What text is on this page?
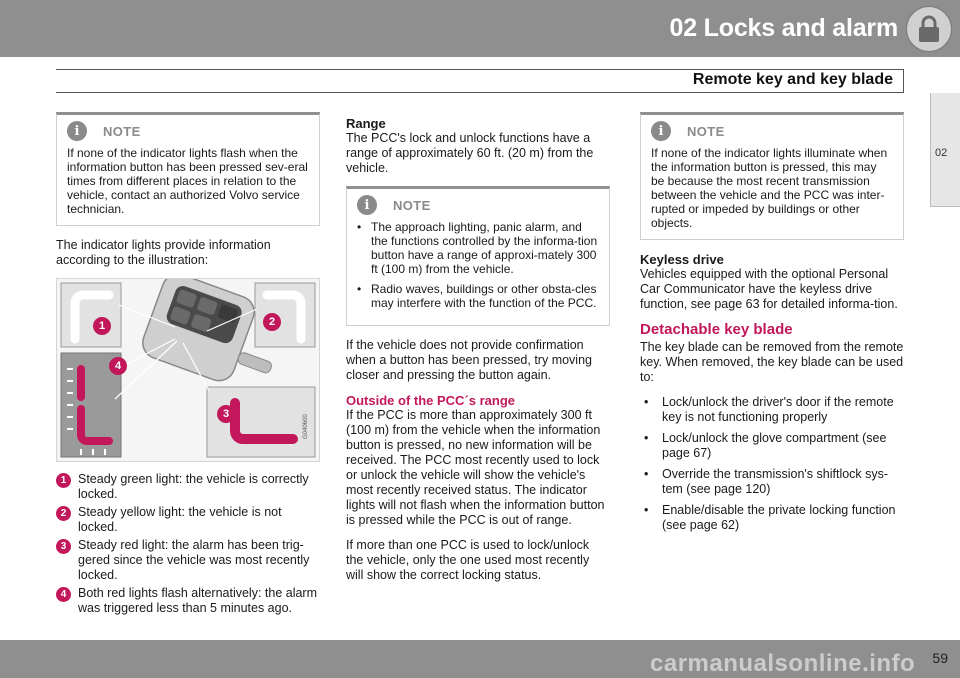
02 Locks and alarm
Remote key and key blade
02
i	NOTE
If none of the indicator lights flash when the information button has been pressed sev-eral times from different places in relation to the vehicle, contact an authorized Volvo service technician.

The indicator lights provide information according to the illustration:

G040600
1	2
3
4
1 Steady green light: the vehicle is correctly locked.
2 Steady yellow light: the vehicle is not locked.
3 Steady red light: the alarm has been trig-gered since the vehicle was most recently locked.
4 Both red lights flash alternatively: the alarm was triggered less than 5 minutes ago.
Range

The PCC's lock and unlock functions have a range of approximately 60 ft. (20 m) from the vehicle.

i	NOTE
• The approach lighting, panic alarm, and the functions controlled by the informa-tion button have a range of approxi-mately 300 ft (100 m) from the vehicle.
• Radio waves, buildings or other obsta-cles may interfere with the function of the PCC.

If the vehicle does not provide confirmation when a button has been pressed, try moving closer and pressing the button again.

Outside of the PCC´s range

If the PCC is more than approximately 300 ft (100 m) from the vehicle when the information button is pressed, no new information will be received. The PCC most recently used to lock or unlock the vehicle will show the vehicle's most recently received status. The indicator lights will not flash when the information button is pressed while the PCC is out of range.

If more than one PCC is used to lock/unlock the vehicle, only the one used most recently will show the correct locking status.

i	NOTE
If none of the indicator lights illuminate when the information button is pressed, this may be because the most recent transmission between the vehicle and the PCC was inter-rupted or impeded by buildings or other objects.
Keyless drive

Vehicles equipped with the optional Personal Car Communicator have the keyless drive function, see page 63 for detailed informa-tion.

Detachable key blade

The key blade can be removed from the remote key. When removed, the key blade can be used to:

• Lock/unlock the driver's door if the remote key is not functioning properly
• Lock/unlock the glove compartment (see page 67)
• Override the transmission's shiftlock sys-tem (see page 120)
• Enable/disable the private locking function (see page 62)
59
carmanualsonline.info
